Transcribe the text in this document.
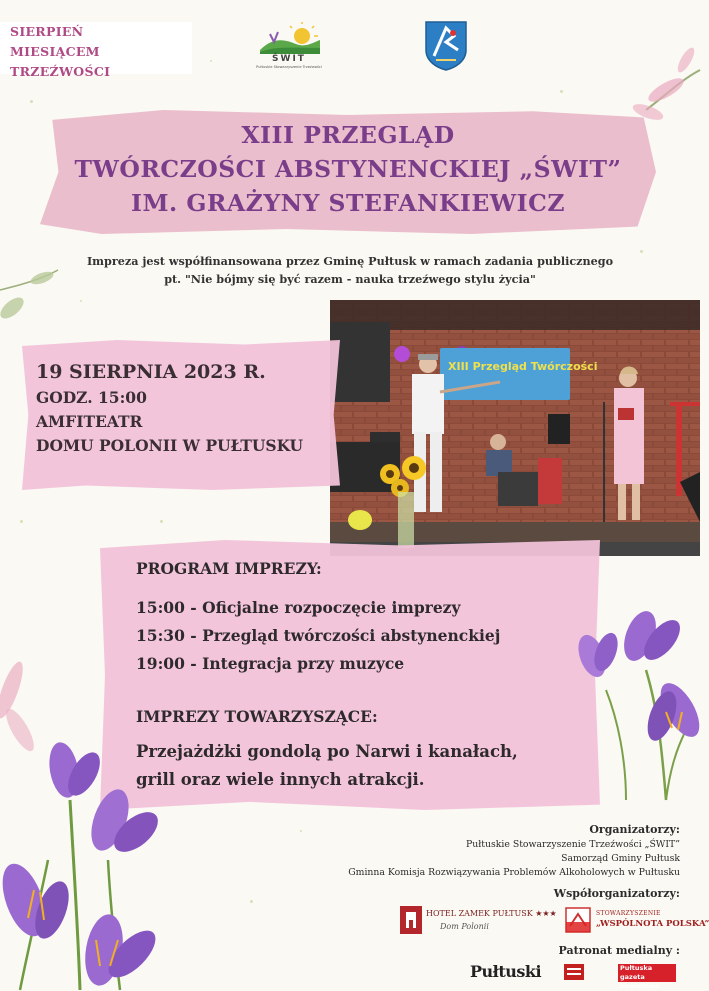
SIERPIEŃ
MIESIĄCEM TRZEŹWOŚCI
ŚWIT
Pułtuskie Stowarzyszenie Trzeźwości
XIII PRZEGLĄD
TWÓRCZOŚCI ABSTYNENCKIEJ „ŚWIT”
IM. GRAŻYNY STEFANKIEWICZ
Impreza jest współfinansowana przez Gminę Pułtusk w ramach zadania publicznego
pt. "Nie bójmy się być razem - nauka trzeźwego stylu życia"
XIII Przegląd Twórczości
19 SIERPNIA 2023 R.
GODZ. 15:00
AMFITEATR
DOMU POLONII W PUŁTUSKU
PROGRAM IMPREZY:
15:00 - Oficjalne rozpoczęcie imprezy
15:30 - Przegląd twórczości abstynenckiej
19:00 - Integracja przy muzyce
IMPREZY TOWARZYSZĄCE:
Przejażdżki gondolą po Narwi i kanałach,
grill oraz wiele innych atrakcji.
Organizatorzy:
Pułtuskie Stowarzyszenie Trzeźwości „ŚWIT”
Samorząd Gminy Pułtusk
Gminna Komisja Rozwiązywania Problemów Alkoholowych w Pułtusku
Współorganizatorzy:
HOTEL ZAMEK PUŁTUSK ★★★
Dom Polonii
STOWARZYSZENIE
„WSPÓLNOTA POLSKA”
Patronat medialny :
Pułtuski	Pułtuska gazeta powiatowa
